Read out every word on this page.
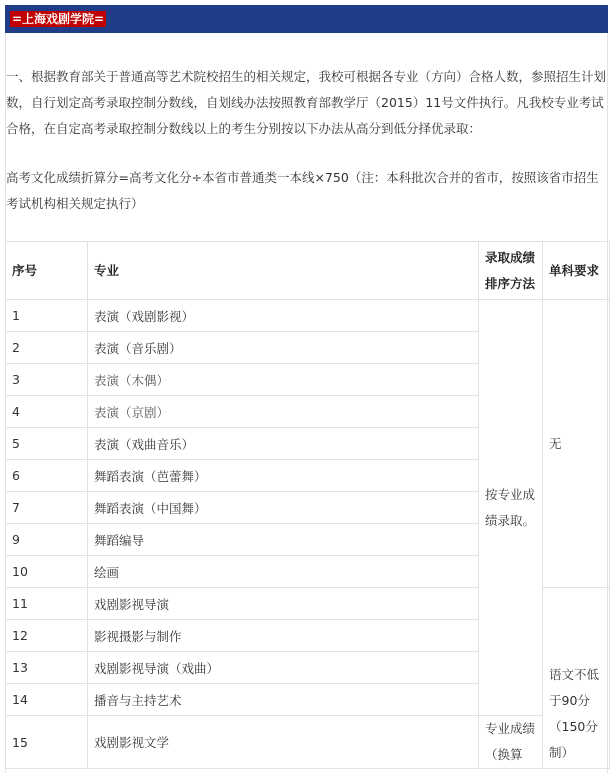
=上海戏剧学院=
一、根据教育部关于普通高等艺术院校招生的相关规定，我校可根据各专业（方向）合格人数，参照招生计划数，自行划定高考录取控制分数线，自划线办法按照教育部教学厅（2015）11号文件执行。凡我校专业考试合格，在自定高考录取控制分数线以上的考生分别按以下办法从高分到低分择优录取：
高考文化成绩折算分=高考文化分÷本省市普通类一本线×750（注：本科批次合并的省市，按照该省市招生考试机构相关规定执行）
序号	专业	录取成绩排序方法	单科要求
1	表演（戏剧影视）	按专业成绩录取。	无
2	表演（音乐剧）		
3	表演（木偶）		
4	表演（京剧）		
5	表演（戏曲音乐）		
6	舞蹈表演（芭蕾舞）		
7	舞蹈表演（中国舞）		
9	舞蹈编导		
10	绘画		
11	戏剧影视导演		语文不低于90分（150分制）
12	影视摄影与制作		
13	戏剧影视导演（戏曲）		
14	播音与主持艺术		
15	戏剧影视文学	专业成绩（换算	
